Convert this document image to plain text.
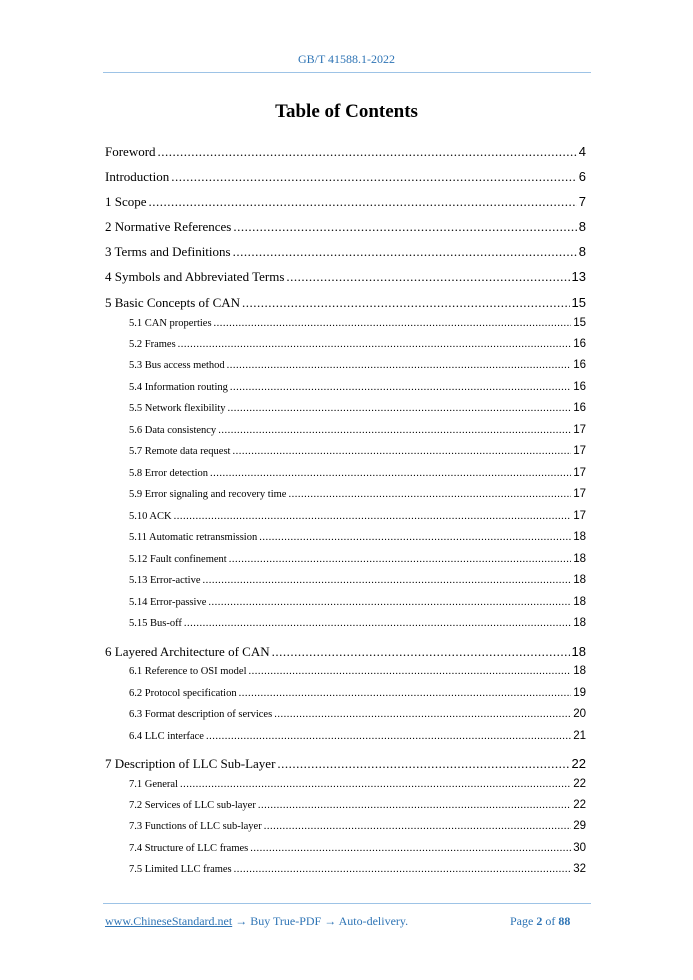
GB/T 41588.1-2022
Table of Contents
Foreword .....	4
Introduction .....	6
1 Scope .....	7
2 Normative References .....	8
3 Terms and Definitions .....	8
4 Symbols and Abbreviated Terms .....	13
5 Basic Concepts of CAN .....	15
5.1 CAN properties .....	15
5.2 Frames .....	16
5.3 Bus access method .....	16
5.4 Information routing .....	16
5.5 Network flexibility .....	16
5.6 Data consistency .....	17
5.7 Remote data request .....	17
5.8 Error detection .....	17
5.9 Error signaling and recovery time .....	17
5.10 ACK .....	17
5.11 Automatic retransmission .....	18
5.12 Fault confinement .....	18
5.13 Error-active .....	18
5.14 Error-passive .....	18
5.15 Bus-off .....	18
6 Layered Architecture of CAN .....	18
6.1 Reference to OSI model .....	18
6.2 Protocol specification .....	19
6.3 Format description of services .....	20
6.4 LLC interface .....	21
7 Description of LLC Sub-Layer .....	22
7.1 General .....	22
7.2 Services of LLC sub-layer .....	22
7.3 Functions of LLC sub-layer .....	29
7.4 Structure of LLC frames .....	30
7.5 Limited LLC frames .....	32
www.ChineseStandard.net → Buy True-PDF → Auto-delivery.	Page 2 of 88
